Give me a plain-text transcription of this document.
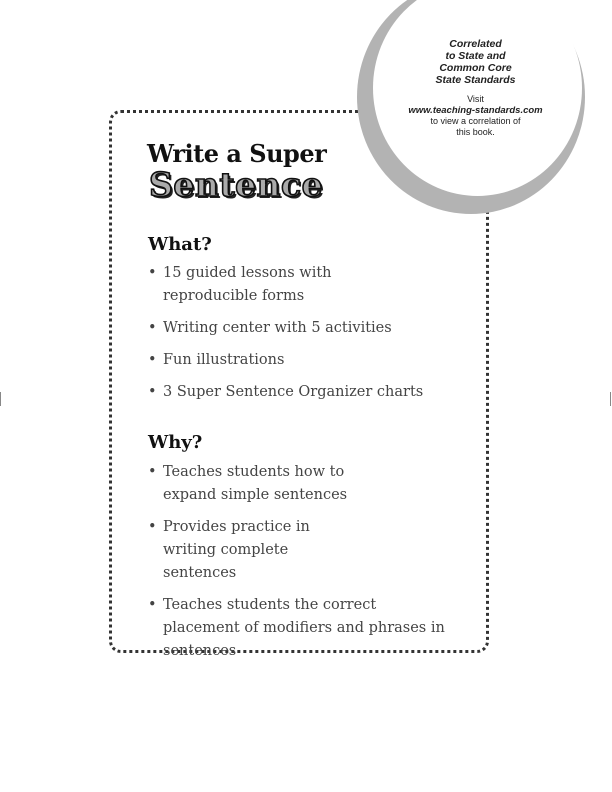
Correlated
to State and
Common Core
State Standards
Visit
www.teaching-standards.com
to view a correlation of
this book.
Write a Super
Sentence
What?
• 15 guided lessons with reproducible forms
• Writing center with 5 activities
• Fun illustrations
• 3 Super Sentence Organizer charts
Why?
• Teaches students how to expand simple sentences
• Provides practice in writing complete sentences
• Teaches students the correct placement of modifiers and phrases in sentences
